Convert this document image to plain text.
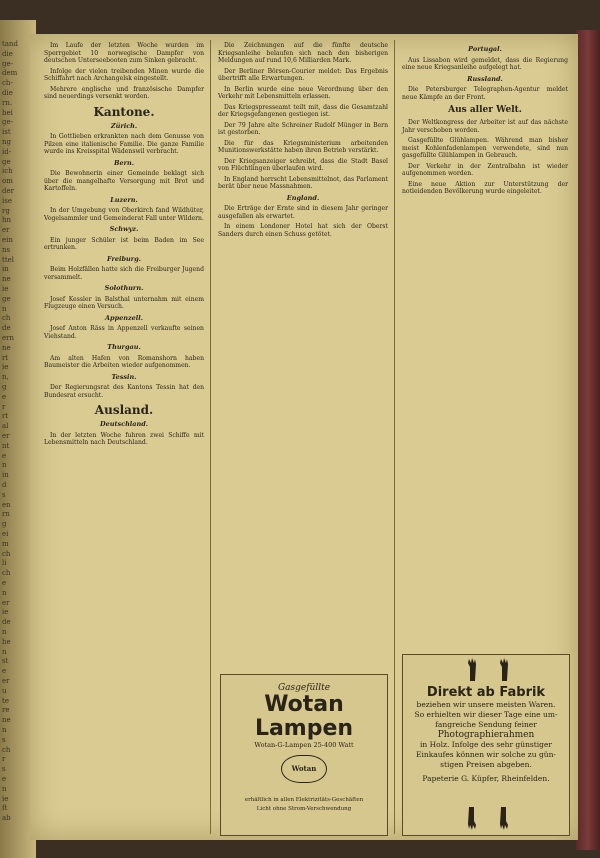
tand
die
ge-
dem
ch-
die
rn.
bei
ge-
ist
ng
id-
ge
ich
om
der
ise
rg
hn
er
ein
ns
ttel
in
ne
ie
ge
n
ch
de
ern
ne
rt
ie
n,
g
e
r
rt
al
er
nt
e
n
in
d
s
en
rn
g
ei
m
ch
li
ch
e
n
er
ie
de
n
he
n
st
e
er
u
te
re
ne
n
s
ch
r
s
e
n
ie
ft
ab

Im Laufe der letzten Woche wurden im Sperrgebiet 10 norwegische Dampfer von deutschen Unterseebooten zum Sinken gebracht.

Infolge der vielen treibenden Minen wurde die Schiffahrt nach Archangelsk eingestellt.

Mehrere englische und französische Dampfer sind neuerdings versenkt worden.

Kantone.
Zürich.

In Gottlieben erkrankten nach dem Genusse von Pilzen eine italienische Familie. Die ganze Familie wurde ins Kreisspital Wädenswil verbracht.

Bern.

Die Bewohnerin einer Gemeinde beklagt sich über die mangelhafte Versorgung mit Brot und Kartoffeln.

Luzern.

In der Umgebung von Oberkirch fand Wildhüter, Vogelsammler und Gemeinderat Fall unter Wildern.

Schwyz.

Ein junger Schüler ist beim Baden im See ertrunken.

Freiburg.

Beim Holzfällen hatte sich die Freiburger Jugend versammelt.

Solothurn.

Josef Kessler in Balsthal unternahm mit einem Flugzeuge einen Versuch.

Appenzell.

Josef Anton Räss in Appenzell verkaufte seinen Viehstand.

Thurgau.

Am alten Hafen von Romanshorn haben Baumeister die Arbeiten wieder aufgenommen.

Tessin.

Der Regierungsrat des Kantons Tessin hat den Bundesrat ersucht.

Ausland.
Deutschland.

In der letzten Woche fuhren zwei Schiffe mit Lebensmitteln nach Deutschland.

Die Zeichnungen auf die fünfte deutsche Kriegsanleihe belaufen sich nach den bisherigen Meldungen auf rund 10,6 Milliarden Mark.

Der Berliner Börsen-Courier meldet: Das Ergebnis übertrifft alle Erwartungen.

In Berlin wurde eine neue Verordnung über den Verkehr mit Lebensmitteln erlassen.

Das Kriegspresseamt teilt mit, dass die Gesamtzahl der Kriegsgefangenen gestiegen ist.

Der 79 Jahre alte Schreiner Rudolf Münger in Bern ist gestorben.

Die für das Kriegsministerium arbeitenden Munitionswerkstätte haben ihren Betrieb verstärkt.

Der Kriegsanzeiger schreibt, dass die Stadt Basel von Flüchtlingen überlaufen wird.

In England herrscht Lebensmittelnot, das Parlament berät über neue Massnahmen.

England.

Die Erträge der Ernte sind in diesem Jahr geringer ausgefallen als erwartet.

In einem Londoner Hotel hat sich der Oberst Sanders durch einen Schuss getötet.

Gasgefüllte
Wotan
Lampen
Wotan-G-Lampen 25-400 Watt
Wotan
erhältlich in allen Elektrizitäts-Geschäften
Licht ohne Strom-Verschwendung
Portugal.

Aus Lissabon wird gemeldet, dass die Regierung eine neue Kriegsanleihe aufgelegt hat.

Russland.

Die Petersburger Telegraphen-Agentur meldet neue Kämpfe an der Front.

Aus aller Welt.

Der Weltkongress der Arbeiter ist auf das nächste Jahr verschoben worden.

Gasgefüllte Glühlampen. Während man bisher meist Kohlenfadenlampen verwendete, sind nun gasgefüllte Glühlampen in Gebrauch.

Der Verkehr in der Zentralbahn ist wieder aufgenommen worden.

Eine neue Aktion zur Unterstützung der notleidenden Bevölkerung wurde eingeleitet.

Direkt ab Fabrik
beziehen wir unsere meisten Waren.
So erhielten wir dieser Tage eine um-
fangreiche Sendung feiner
Photographierahmen
in Holz. Infolge des sehr günstiger
Einkaufes können wir solche zu gün-
stigen Preisen abgeben.
Papeterie G. Küpfer, Rheinfelden.
